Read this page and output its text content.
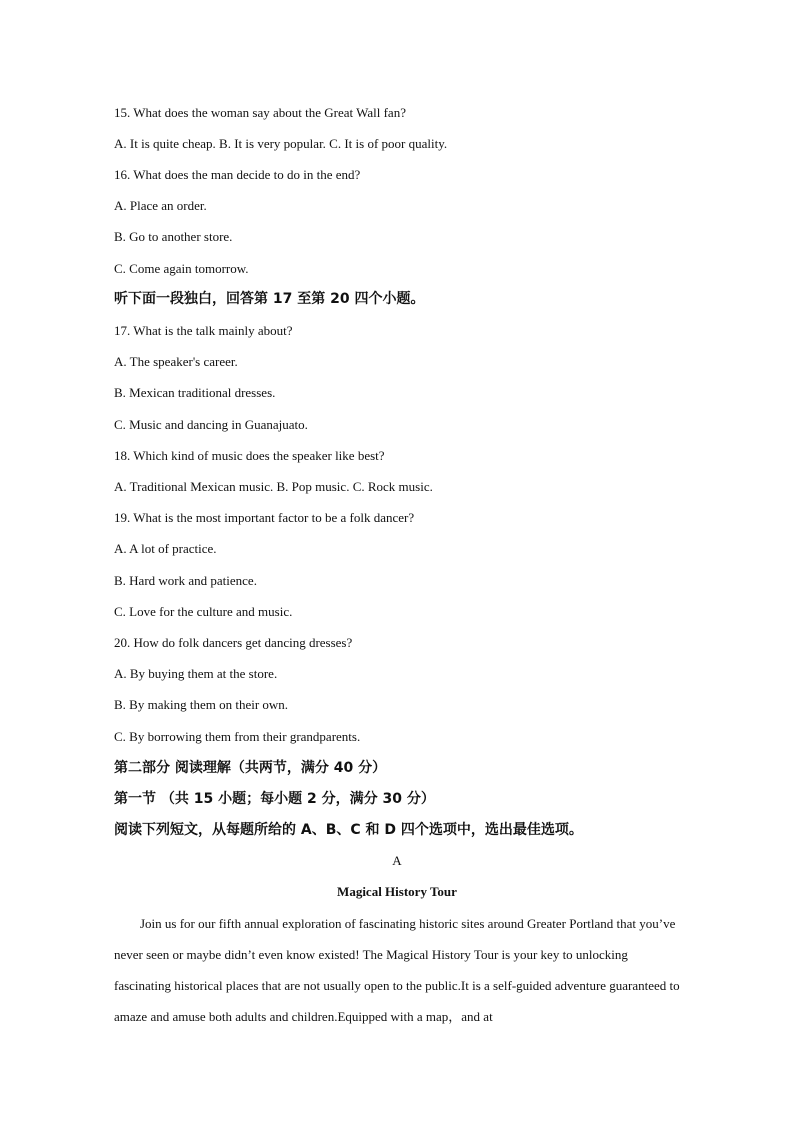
15. What does the woman say about the Great Wall fan?
A. It is quite cheap. B. It is very popular. C. It is of poor quality.
16. What does the man decide to do in the end?
A. Place an order.
B. Go to another store.
C. Come again tomorrow.
听下面一段独白，回答第 17 至第 20 四个小题。
17. What is the talk mainly about?
A. The speaker's career.
B. Mexican traditional dresses.
C. Music and dancing in Guanajuato.
18. Which kind of music does the speaker like best?
A. Traditional Mexican music. B. Pop music. C. Rock music.
19. What is the most important factor to be a folk dancer?
A. A lot of practice.
B. Hard work and patience.
C. Love for the culture and music.
20. How do folk dancers get dancing dresses?
A. By buying them at the store.
B. By making them on their own.
C. By borrowing them from their grandparents.
第二部分 阅读理解（共两节，满分 40 分）
第一节 （共 15 小题；每小题 2 分，满分 30 分）
阅读下列短文，从每题所给的 A、B、C 和 D 四个选项中，选出最佳选项。
A
Magical History Tour

Join us for our fifth annual exploration of fascinating historic sites around Greater Portland that you’ve never seen or maybe didn’t even know existed! The Magical History Tour is your key to unlocking fascinating historical places that are not usually open to the public.It is a self-guided adventure guaranteed to amaze and amuse both adults and children.Equipped with a map，and at
